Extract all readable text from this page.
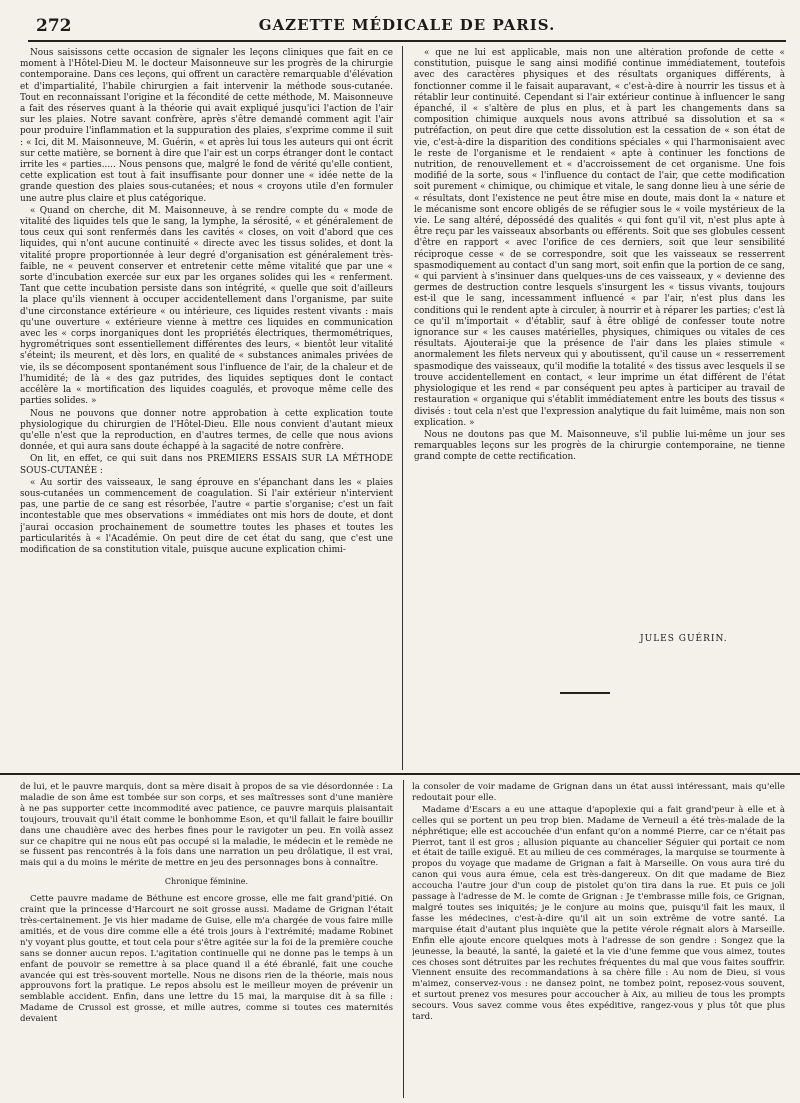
272	GAZETTE MÉDICALE DE PARIS.

Nous saisissons cette occasion de signaler les leçons cliniques que fait en ce moment à l'Hôtel-Dieu M. le docteur Maisonneuve sur les progrès de la chirurgie contemporaine. Dans ces leçons, qui offrent un caractère remarquable d'élévation et d'impartialité, l'habile chirurgien a fait intervenir la méthode sous-cutanée. Tout en reconnaissant l'origine et la fécondité de cette méthode, M. Maisonneuve a fait des réserves quant à la théorie qui avait expliqué jusqu'ici l'action de l'air sur les plaies. Notre savant confrère, après s'être demandé comment agit l'air pour produire l'inflammation et la suppuration des plaies, s'exprime comme il suit : « Ici, dit M. Maisonneuve, M. Guérin, « et après lui tous les auteurs qui ont écrit sur cette matière, se bornent à dire que l'air est un corps étranger dont le contact irrite les « parties..... Nous pensons que, malgré le fond de vérité qu'elle contient, cette explication est tout à fait insuffisante pour donner une « idée nette de la grande question des plaies sous-cutanées; et nous « croyons utile d'en formuler une autre plus claire et plus catégorique.

« Quand on cherche, dit M. Maisonneuve, à se rendre compte du « mode de vitalité des liquides tels que le sang, la lymphe, la sérosité, « et généralement de tous ceux qui sont renfermés dans les cavités « closes, on voit d'abord que ces liquides, qui n'ont aucune continuité « directe avec les tissus solides, et dont la vitalité propre proportionnée à leur degré d'organisation est généralement très-faible, ne « peuvent conserver et entretenir cette même vitalité que par une « sorte d'incubation exercée sur eux par les organes solides qui les « renferment. Tant que cette incubation persiste dans son intégrité, « quelle que soit d'ailleurs la place qu'ils viennent à occuper accidentellement dans l'organisme, par suite d'une circonstance extérieure « ou intérieure, ces liquides restent vivants : mais qu'une ouverture « extérieure vienne à mettre ces liquides en communication avec les « corps inorganiques dont les propriétés électriques, thermométriques, hygrométriques sont essentiellement différentes des leurs, « bientôt leur vitalité s'éteint; ils meurent, et dès lors, en qualité de « substances animales privées de vie, ils se décomposent spontanément sous l'influence de l'air, de la chaleur et de l'humidité; de là « des gaz putrides, des liquides septiques dont le contact accélère la « mortification des liquides coagulés, et provoque même celle des parties solides. »

Nous ne pouvons que donner notre approbation à cette explication toute physiologique du chirurgien de l'Hôtel-Dieu. Elle nous convient d'autant mieux qu'elle n'est que la reproduction, en d'autres termes, de celle que nous avions donnée, et qui aura sans doute échappé à la sagacité de notre confrère.

On lit, en effet, ce qui suit dans nos PREMIERS ESSAIS SUR LA MÉTHODE SOUS-CUTANÉE :

« Au sortir des vaisseaux, le sang éprouve en s'épanchant dans les « plaies sous-cutanées un commencement de coagulation. Si l'air extérieur n'intervient pas, une partie de ce sang est résorbée, l'autre « partie s'organise; c'est un fait incontestable que mes observations « immédiates ont mis hors de doute, et dont j'aurai occasion prochainement de soumettre toutes les phases et toutes les particularités à « l'Académie. On peut dire de cet état du sang, que c'est une modification de sa constitution vitale, puisque aucune explication chimi-

« que ne lui est applicable, mais non une altération profonde de cette « constitution, puisque le sang ainsi modifié continue immédiatement, toutefois avec des caractères physiques et des résultats organiques différents, à fonctionner comme il le faisait auparavant, « c'est-à-dire à nourrir les tissus et à rétablir leur continuité. Cependant si l'air extérieur continue à influencer le sang épanché, il « s'altère de plus en plus, et à part les changements dans sa composition chimique auxquels nous avons attribué sa dissolution et sa « putréfaction, on peut dire que cette dissolution est la cessation de « son état de vie, c'est-à-dire la disparition des conditions spéciales « qui l'harmonisaient avec le reste de l'organisme et le rendaient « apte à continuer les fonctions de nutrition, de renouvellement et « d'accroissement de cet organisme. Une fois modifié de la sorte, sous « l'influence du contact de l'air, que cette modification soit purement « chimique, ou chimique et vitale, le sang donne lieu à une série de « résultats, dont l'existence ne peut être mise en doute, mais dont la « nature et le mécanisme sont encore obligés de se réfugier sous le « voile mystérieux de la vie. Le sang altéré, dépossédé des qualités « qui font qu'il vit, n'est plus apte à être reçu par les vaisseaux absorbants ou efférents. Soit que ses globules cessent d'être en rapport « avec l'orifice de ces derniers, soit que leur sensibilité réciproque cesse « de se correspondre, soit que les vaisseaux se resserrent spasmodiquement au contact d'un sang mort, soit enfin que la portion de ce sang, « qui parvient à s'insinuer dans quelques-uns de ces vaisseaux, y « devienne des germes de destruction contre lesquels s'insurgent les « tissus vivants, toujours est-il que le sang, incessamment influencé « par l'air, n'est plus dans les conditions qui le rendent apte à circuler, à nourrir et à réparer les parties; c'est là ce qu'il m'importait « d'établir, sauf à être obligé de confesser toute notre ignorance sur « les causes matérielles, physiques, chimiques ou vitales de ces résultats. Ajouterai-je que la présence de l'air dans les plaies stimule « anormalement les filets nerveux qui y aboutissent, qu'il cause un « resserrement spasmodique des vaisseaux, qu'il modifie la totalité « des tissus avec lesquels il se trouve accidentellement en contact, « leur imprime un état différent de l'état physiologique et les rend « par conséquent peu aptes à participer au travail de restauration « organique qui s'établit immédiatement entre les bouts des tissus « divisés : tout cela n'est que l'expression analytique du fait luimême, mais non son explication. »

Nous ne doutons pas que M. Maisonneuve, s'il publie lui-même un jour ses remarquables leçons sur les progrès de la chirurgie contemporaine, ne tienne grand compte de cette rectification.

JULES GUÉRIN.

de lui, et le pauvre marquis, dont sa mère disait à propos de sa vie désordonnée : La maladie de son âme est tombée sur son corps, et ses maîtresses sont d'une manière à ne pas supporter cette incommodité avec patience, ce pauvre marquis plaisantait toujours, trouvait qu'il était comme le bonhomme Eson, et qu'il fallait le faire bouillir dans une chaudière avec des herbes fines pour le ravigoter un peu. En voilà assez sur ce chapitre qui ne nous eût pas occupé si la maladie, le médecin et le remède ne se fussent pas rencontrés à la fois dans une narration un peu drôlatique, il est vrai, mais qui a du moins le mérite de mettre en jeu des personnages bons à connaître.

Chronique féminine.

Cette pauvre madame de Béthune est encore grosse, elle me fait grand'pitié. On craint que la princesse d'Harcourt ne soit grosse aussi. Madame de Grignan l'était très-certainement. Je vis hier madame de Guise, elle m'a chargée de vous faire mille amitiés, et de vous dire comme elle a été trois jours à l'extrémité; madame Robinet n'y voyant plus goutte, et tout cela pour s'être agitée sur la foi de la première couche sans se donner aucun repos. L'agitation continuelle qui ne donne pas le temps à un enfant de pouvoir se remettre à sa place quand il a été ébranlé, fait une couche avancée qui est très-souvent mortelle. Nous ne disons rien de la théorie, mais nous approuvons fort la pratique. Le repos absolu est le meilleur moyen de prévenir un semblable accident. Enfin, dans une lettre du 15 mai, la marquise dit à sa fille : Madame de Crussol est grosse, et mille autres, comme si toutes ces maternités devaient

la consoler de voir madame de Grignan dans un état aussi intéressant, mais qu'elle redoutait pour elle.

Madame d'Escars a eu une attaque d'apoplexie qui a fait grand'peur à elle et à celles qui se portent un peu trop bien. Madame de Verneuil a été très-malade de la néphrétique; elle est accouchée d'un enfant qu'on a nommé Pierre, car ce n'était pas Pierrot, tant il est gros ; allusion piquante au chancelier Séguier qui portait ce nom et était de taille exiguë. Et au milieu de ces commérages, la marquise se tourmente à propos du voyage que madame de Grignan a fait à Marseille. On vous aura tiré du canon qui vous aura émue, cela est très-dangereux. On dit que madame de Biez accoucha l'autre jour d'un coup de pistolet qu'on tira dans la rue. Et puis ce joli passage à l'adresse de M. le comte de Grignan : Je t'embrasse mille fois, ce Grignan, malgré toutes ses iniquités; je le conjure au moins que, puisqu'il fait les maux, il fasse les médecines, c'est-à-dire qu'il ait un soin extrême de votre santé. La marquise était d'autant plus inquiète que la petite vérole régnait alors à Marseille. Enfin elle ajoute encore quelques mots à l'adresse de son gendre : Songez que la jeunesse, la beauté, la santé, la gaieté et la vie d'une femme que vous aimez, toutes ces choses sont détruites par les rechutes fréquentes du mal que vous faites souffrir. Viennent ensuite des recommandations à sa chère fille : Au nom de Dieu, si vous m'aimez, conservez-vous : ne dansez point, ne tombez point, reposez-vous souvent, et surtout prenez vos mesures pour accoucher à Aix, au milieu de tous les prompts secours. Vous savez comme vous êtes expéditive, rangez-vous y plus tôt que plus tard.
